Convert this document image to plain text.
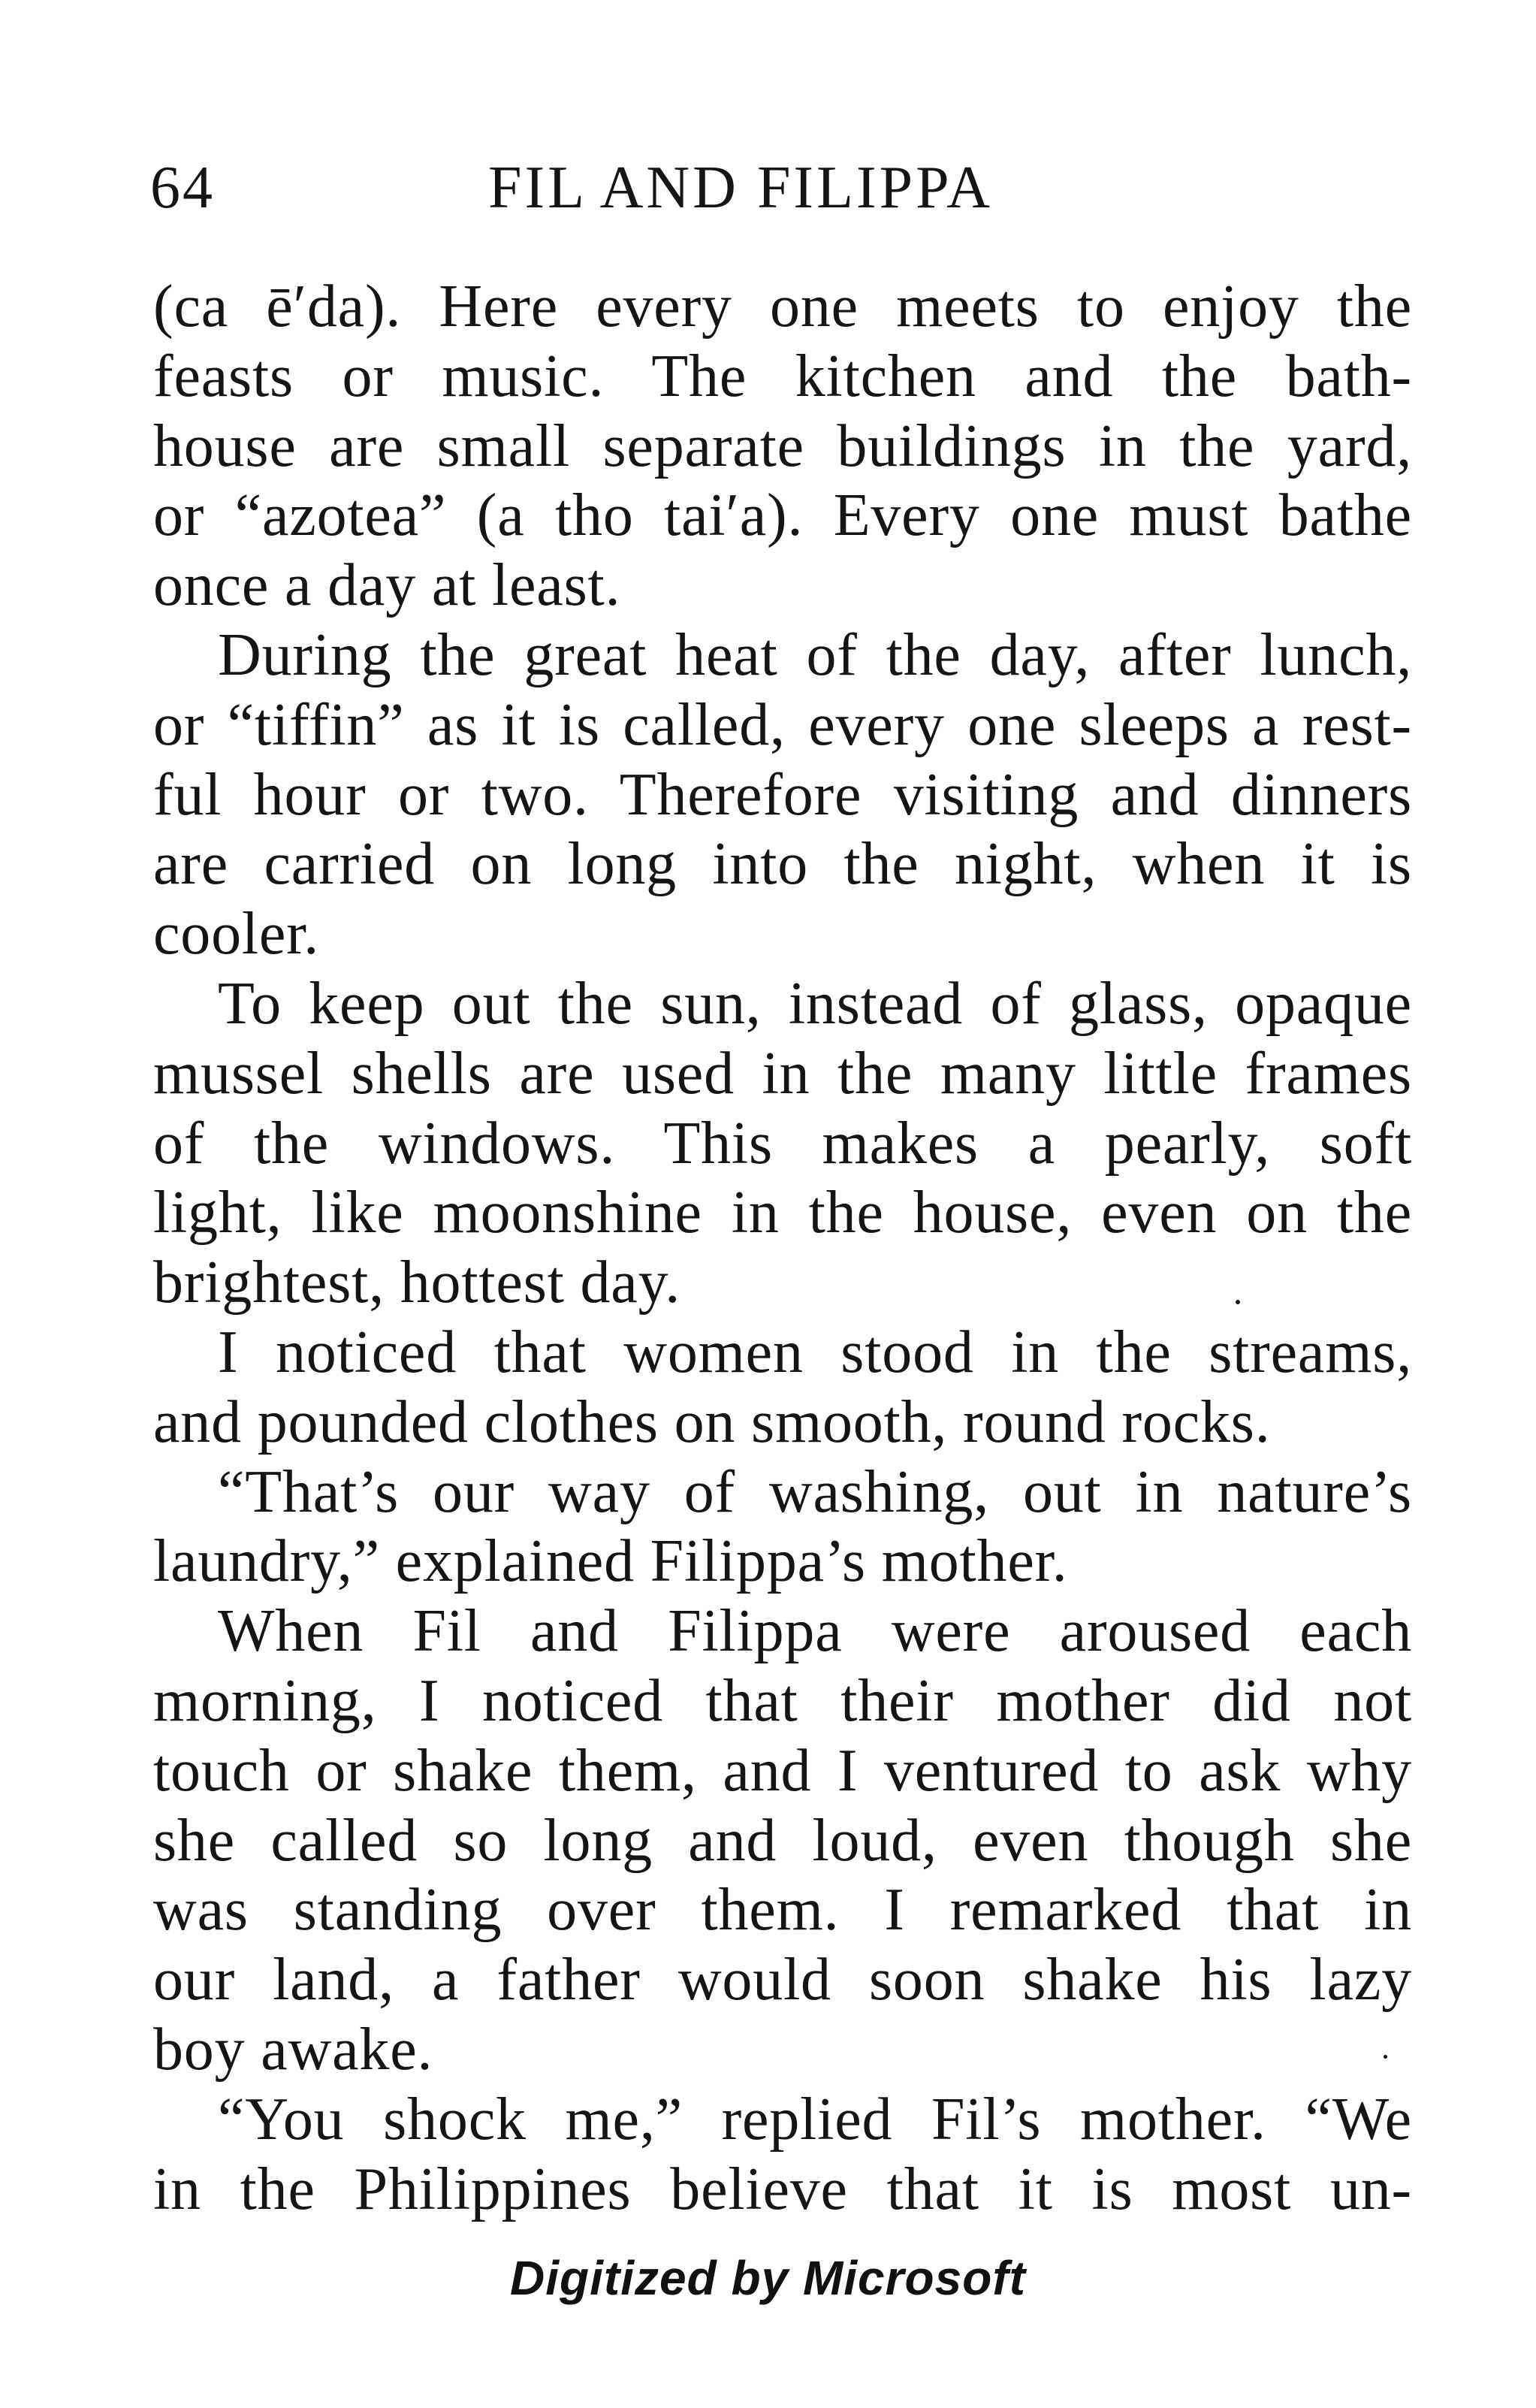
64	FIL AND FILIPPA
(ca ē′da). Here every one meets to enjoy the
feasts or music. The kitchen and the bath-
house are small separate buildings in the yard,
or “azotea” (a tho tai′a). Every one must bathe
once a day at least.
During the great heat of the day, after lunch,
or “tiffin” as it is called, every one sleeps a rest-
ful hour or two. Therefore visiting and dinners
are carried on long into the night, when it is
cooler.
To keep out the sun, instead of glass, opaque
mussel shells are used in the many little frames
of the windows. This makes a pearly, soft
light, like moonshine in the house, even on the
brightest, hottest day.
I noticed that women stood in the streams,
and pounded clothes on smooth, round rocks.
“That’s our way of washing, out in nature’s
laundry,” explained Filippa’s mother.
When Fil and Filippa were aroused each
morning, I noticed that their mother did not
touch or shake them, and I ventured to ask why
she called so long and loud, even though she
was standing over them. I remarked that in
our land, a father would soon shake his lazy
boy awake.
“You shock me,” replied Fil’s mother. “We
in the Philippines believe that it is most un-
Digitized by Microsoft
